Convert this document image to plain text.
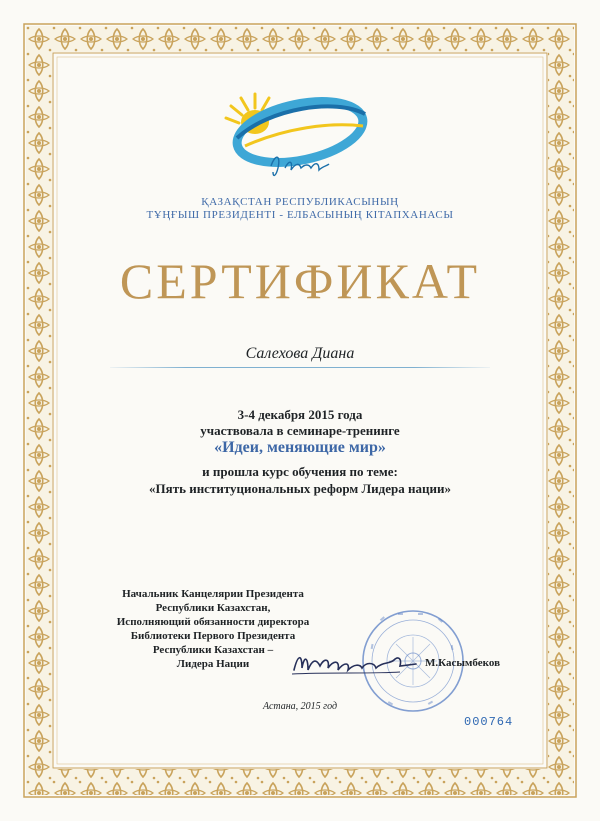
ҚАЗАҚСТАН РЕСПУБЛИКАСЫНЫҢ
ТҰҢҒЫШ ПРЕЗИДЕНТІ - ЕЛБАСЫНЫҢ КІТАПХАНАСЫ
СЕРТИФИКАТ
Салехова Диана
3-4 декабря 2015 года
участвовала в семинаре-тренинге
«Идеи, меняющие мир»
и прошла курс обучения по теме:
«Пять институциональных реформ Лидера нации»
Начальник Канцелярии Президента
Республики Казахстан,
Исполняющий обязанности директора
Библиотеки Первого Президента
Республики Казахстан –
Лидера Нации	М.Касымбеков
Астана, 2015 год
000764
